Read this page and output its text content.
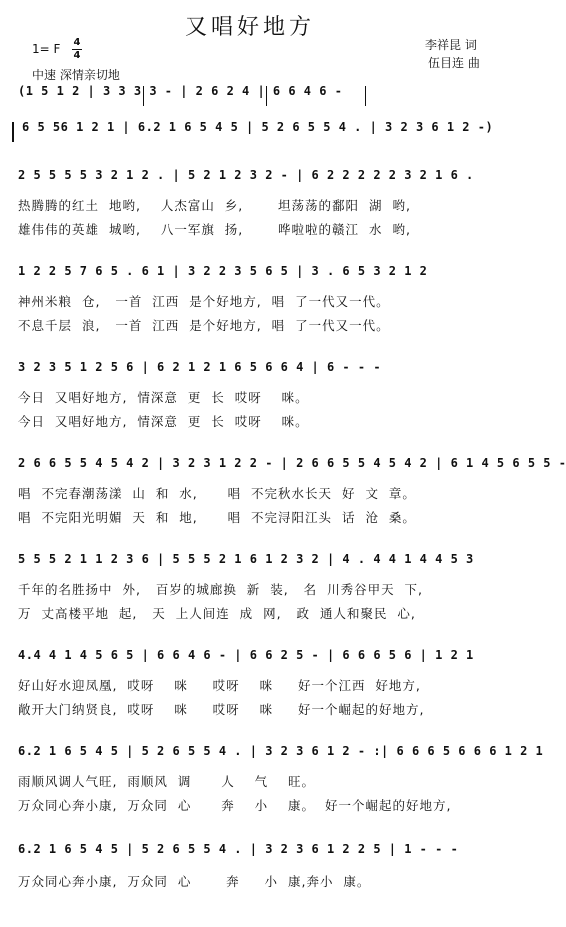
又唱好地方
1= F 4
4
中速 深情亲切地
李祥昆 词
伍目连 曲
(1 5 1 2 | 3 3 3 3 - | 2 6 2 4 | 6 6 4 6 -
6 5 56 1 2 1 | 6.2 1 6 5 4 5 | 5 2 6 5 5 4 . | 3 2 3 6 1 2 -)
2 5 5 5 5 3 2 1 2 . | 5 2 1 2 3 2 - | 6 2 2 2 2 2 3 2 1 6 .
热腾腾的红土  地哟,    人杰富山  乡,       坦荡荡的鄱阳  湖  哟,
雄伟伟的英雄  城哟,    八一军旗  扬,       哗啦啦的赣江  水  哟,
1 2 2 5 7 6 5 . 6 1 | 3 2 2 3 5 6 5 | 3 . 6 5 3 2 1 2
神州米粮  仓,   一首  江西  是个好地方,  唱  了一代又一代。
不息千层  浪,   一首  江西  是个好地方,  唱  了一代又一代。
3 2 3 5 1 2 5 6 | 6 2 1 2 1 6 5 6 6 4 | 6 - - -
今日  又唱好地方,  情深意  更  长  哎呀    咪。
今日  又唱好地方,  情深意  更  长  哎呀    咪。
2 6 6 5 5 4 5 4 2 | 3 2 3 1 2 2 - | 2 6 6 5 5 4 5 4 2 | 6 1 4 5 6 5 5 -
唱  不完春潮荡漾  山  和  水,      唱  不完秋水长天  好  文  章。
唱  不完阳光明媚  天  和  地,      唱  不完浔阳江头  话  沧  桑。
5 5 5 2 1 1 2 3 6 | 5 5 5 2 1 6 1 2 3 2 | 4 . 4 4 1 4 4 5 3
千年的名胜扬中  外,   百岁的城廊换  新  装,   名  川秀谷甲天  下,
万  丈高楼平地  起,   天  上人间连  成  网,   政  通人和聚民  心,
4.4 4 1 4 5 6 5 | 6 6 4 6 - | 6 6 2 5 - | 6 6 6 5 6 | 1 2 1
好山好水迎凤凰,  哎呀    咪     哎呀    咪     好一个江西  好地方,
敞开大门纳贤良,  哎呀    咪     哎呀    咪     好一个崛起的好地方,
6.2 1 6 5 4 5 | 5 2 6 5 5 4 . | 3 2 3 6 1 2 - :| 6 6 6 5 6 6 6 1 2 1
雨顺风调人气旺,  雨顺风  调      人    气    旺。
万众同心奔小康,  万众同  心      奔    小    康。  好一个崛起的好地方,
6.2 1 6 5 4 5 | 5 2 6 5 5 4 . | 3 2 3 6 1 2 2 5 | 1 - - -
万众同心奔小康,  万众同  心       奔     小  康,奔小  康。
